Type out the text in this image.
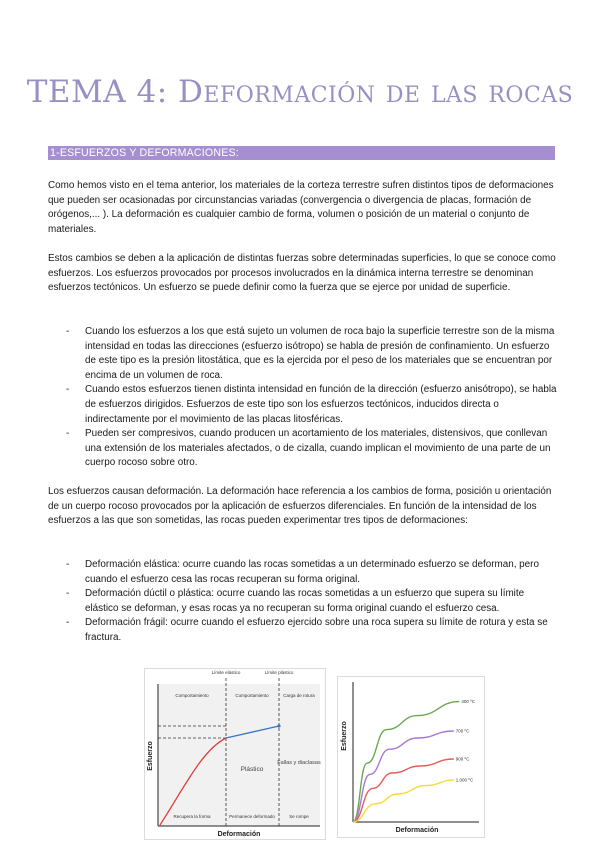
TEMA 4: Deformación de las rocas
1-ESFUERZOS Y DEFORMACIONES:

Como hemos visto en el tema anterior, los materiales de la corteza terrestre sufren distintos tipos de deformaciones que pueden ser ocasionadas por circunstancias variadas (convergencia o divergencia de placas, formación de orógenos,... ). La deformación es cualquier cambio de forma, volumen o posición de un material o conjunto de materiales.

Estos cambios se deben a la aplicación de distintas fuerzas sobre determinadas superficies, lo que se conoce como esfuerzos. Los esfuerzos provocados por procesos involucrados en la dinámica interna terrestre se denominan esfuerzos tectónicos. Un esfuerzo se puede definir como la fuerza que se ejerce por unidad de superficie.

- Cuando los esfuerzos a los que está sujeto un volumen de roca bajo la superficie terrestre son de la misma intensidad en todas las direcciones (esfuerzo isótropo) se habla de presión de confinamiento. Un esfuerzo de este tipo es la presión litostática, que es la ejercida por el peso de los materiales que se encuentran por encima de un volumen de roca.
- Cuando estos esfuerzos tienen distinta intensidad en función de la dirección (esfuerzo anisótropo), se habla de esfuerzos dirigidos. Esfuerzos de este tipo son los esfuerzos tectónicos, inducidos directa o indirectamente por el movimiento de las placas litosféricas.
- Pueden ser compresivos, cuando producen un acortamiento de los materiales, distensivos, que conllevan una extensión de los materiales afectados, o de cizalla, cuando implican el movimiento de una parte de un cuerpo rocoso sobre otro.

Los esfuerzos causan deformación. La deformación hace referencia a los cambios de forma, posición u orientación de un cuerpo rocoso provocados por la aplicación de esfuerzos diferenciales. En función de la intensidad de los esfuerzos a las que son sometidas, las rocas pueden experimentar tres tipos de deformaciones:

- Deformación elástica: ocurre cuando las rocas sometidas a un determinado esfuerzo se deforman, pero cuando el esfuerzo cesa las rocas recuperan su forma original.
- Deformación dúctil o plástica: ocurre cuando las rocas sometidas a un esfuerzo que supera su límite elástico se deforman, y esas rocas ya no recuperan su forma original cuando el esfuerzo cesa.
- Deformación frágil: ocurre cuando el esfuerzo ejercido sobre una roca supera su límite de rotura y esta se fractura.
Límite elástico	Límite plástico
Comportamiento	Comportamiento	Carga de rotura
Plástico
Fallas y diaclasas
Recupera la forma	Permanece deformado	Se rompe
Deformación
Esfuerzo
400 ºC
700 ºC
900 ºC
1.000 ºC
Deformación
Esfuerzo
